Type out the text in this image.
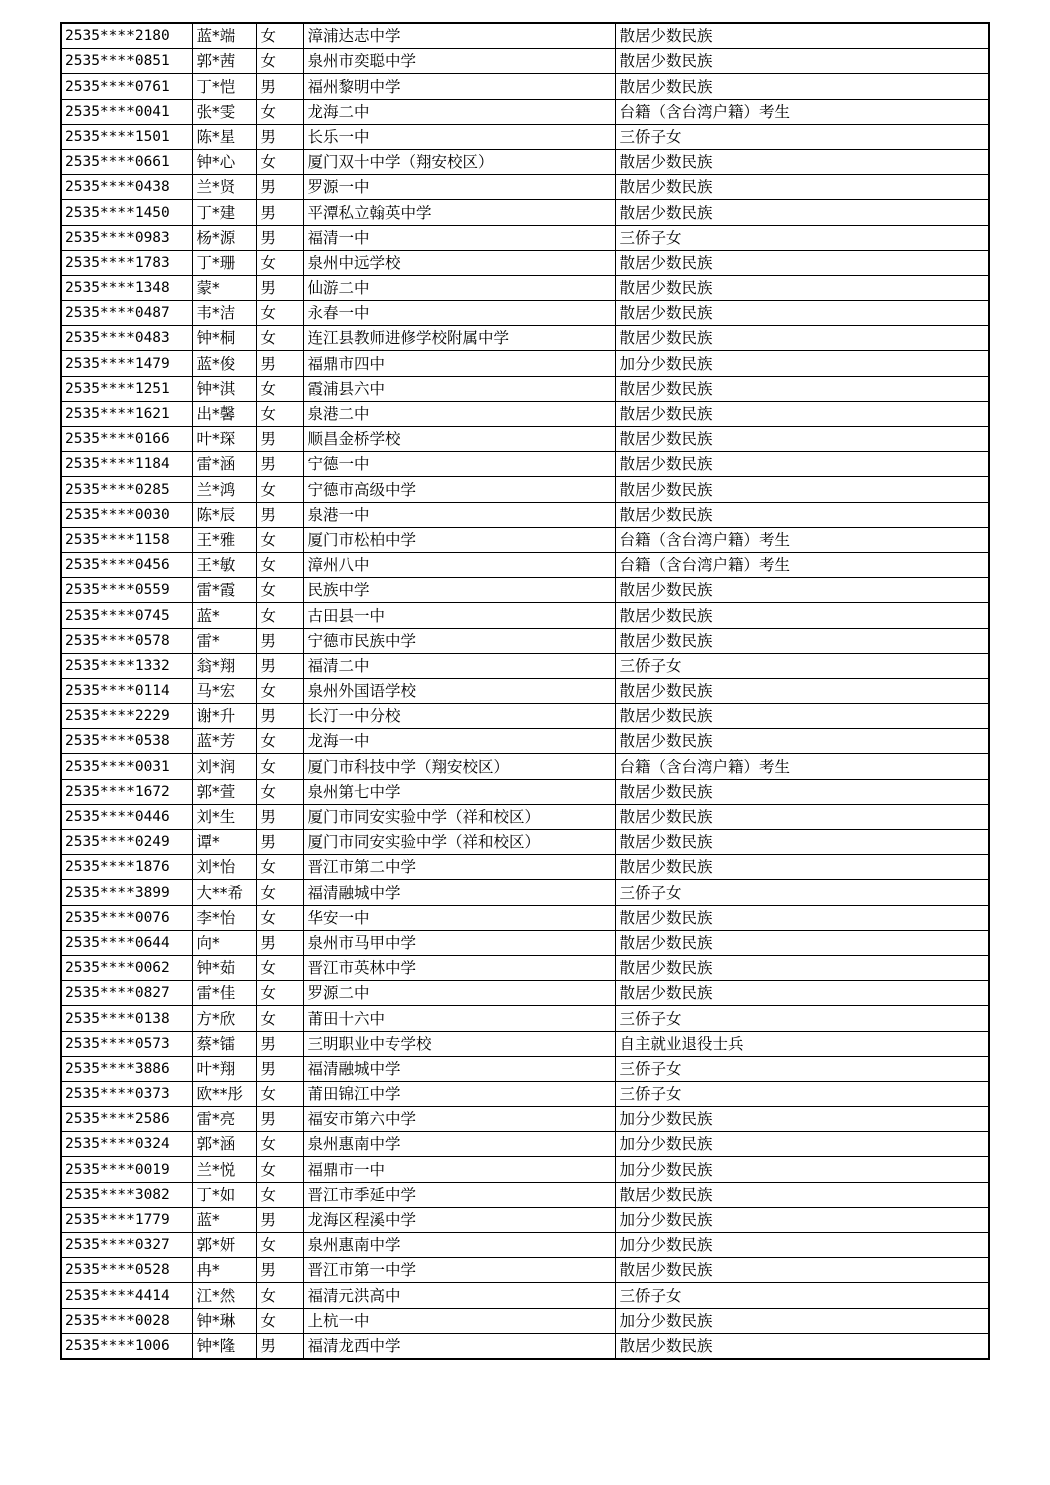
2535****2180	蓝*端	女	漳浦达志中学	散居少数民族
2535****0851	郭*茜	女	泉州市奕聪中学	散居少数民族
2535****0761	丁*恺	男	福州黎明中学	散居少数民族
2535****0041	张*雯	女	龙海二中	台籍（含台湾户籍）考生
2535****1501	陈*星	男	长乐一中	三侨子女
2535****0661	钟*心	女	厦门双十中学（翔安校区）	散居少数民族
2535****0438	兰*贤	男	罗源一中	散居少数民族
2535****1450	丁*建	男	平潭私立翰英中学	散居少数民族
2535****0983	杨*源	男	福清一中	三侨子女
2535****1783	丁*珊	女	泉州中远学校	散居少数民族
2535****1348	蒙*	男	仙游二中	散居少数民族
2535****0487	韦*洁	女	永春一中	散居少数民族
2535****0483	钟*桐	女	连江县教师进修学校附属中学	散居少数民族
2535****1479	蓝*俊	男	福鼎市四中	加分少数民族
2535****1251	钟*淇	女	霞浦县六中	散居少数民族
2535****1621	出*馨	女	泉港二中	散居少数民族
2535****0166	叶*琛	男	顺昌金桥学校	散居少数民族
2535****1184	雷*涵	男	宁德一中	散居少数民族
2535****0285	兰*鸿	女	宁德市高级中学	散居少数民族
2535****0030	陈*辰	男	泉港一中	散居少数民族
2535****1158	王*雅	女	厦门市松柏中学	台籍（含台湾户籍）考生
2535****0456	王*敏	女	漳州八中	台籍（含台湾户籍）考生
2535****0559	雷*霞	女	民族中学	散居少数民族
2535****0745	蓝*	女	古田县一中	散居少数民族
2535****0578	雷*	男	宁德市民族中学	散居少数民族
2535****1332	翁*翔	男	福清二中	三侨子女
2535****0114	马*宏	女	泉州外国语学校	散居少数民族
2535****2229	谢*升	男	长汀一中分校	散居少数民族
2535****0538	蓝*芳	女	龙海一中	散居少数民族
2535****0031	刘*润	女	厦门市科技中学（翔安校区）	台籍（含台湾户籍）考生
2535****1672	郭*萱	女	泉州第七中学	散居少数民族
2535****0446	刘*生	男	厦门市同安实验中学（祥和校区）	散居少数民族
2535****0249	谭*	男	厦门市同安实验中学（祥和校区）	散居少数民族
2535****1876	刘*怡	女	晋江市第二中学	散居少数民族
2535****3899	大**希	女	福清融城中学	三侨子女
2535****0076	李*怡	女	华安一中	散居少数民族
2535****0644	向*	男	泉州市马甲中学	散居少数民族
2535****0062	钟*茹	女	晋江市英林中学	散居少数民族
2535****0827	雷*佳	女	罗源二中	散居少数民族
2535****0138	方*欣	女	莆田十六中	三侨子女
2535****0573	蔡*镭	男	三明职业中专学校	自主就业退役士兵
2535****3886	叶*翔	男	福清融城中学	三侨子女
2535****0373	欧**彤	女	莆田锦江中学	三侨子女
2535****2586	雷*亮	男	福安市第六中学	加分少数民族
2535****0324	郭*涵	女	泉州惠南中学	加分少数民族
2535****0019	兰*悦	女	福鼎市一中	加分少数民族
2535****3082	丁*如	女	晋江市季延中学	散居少数民族
2535****1779	蓝*	男	龙海区程溪中学	加分少数民族
2535****0327	郭*妍	女	泉州惠南中学	加分少数民族
2535****0528	冉*	男	晋江市第一中学	散居少数民族
2535****4414	江*然	女	福清元洪高中	三侨子女
2535****0028	钟*琳	女	上杭一中	加分少数民族
2535****1006	钟*隆	男	福清龙西中学	散居少数民族
